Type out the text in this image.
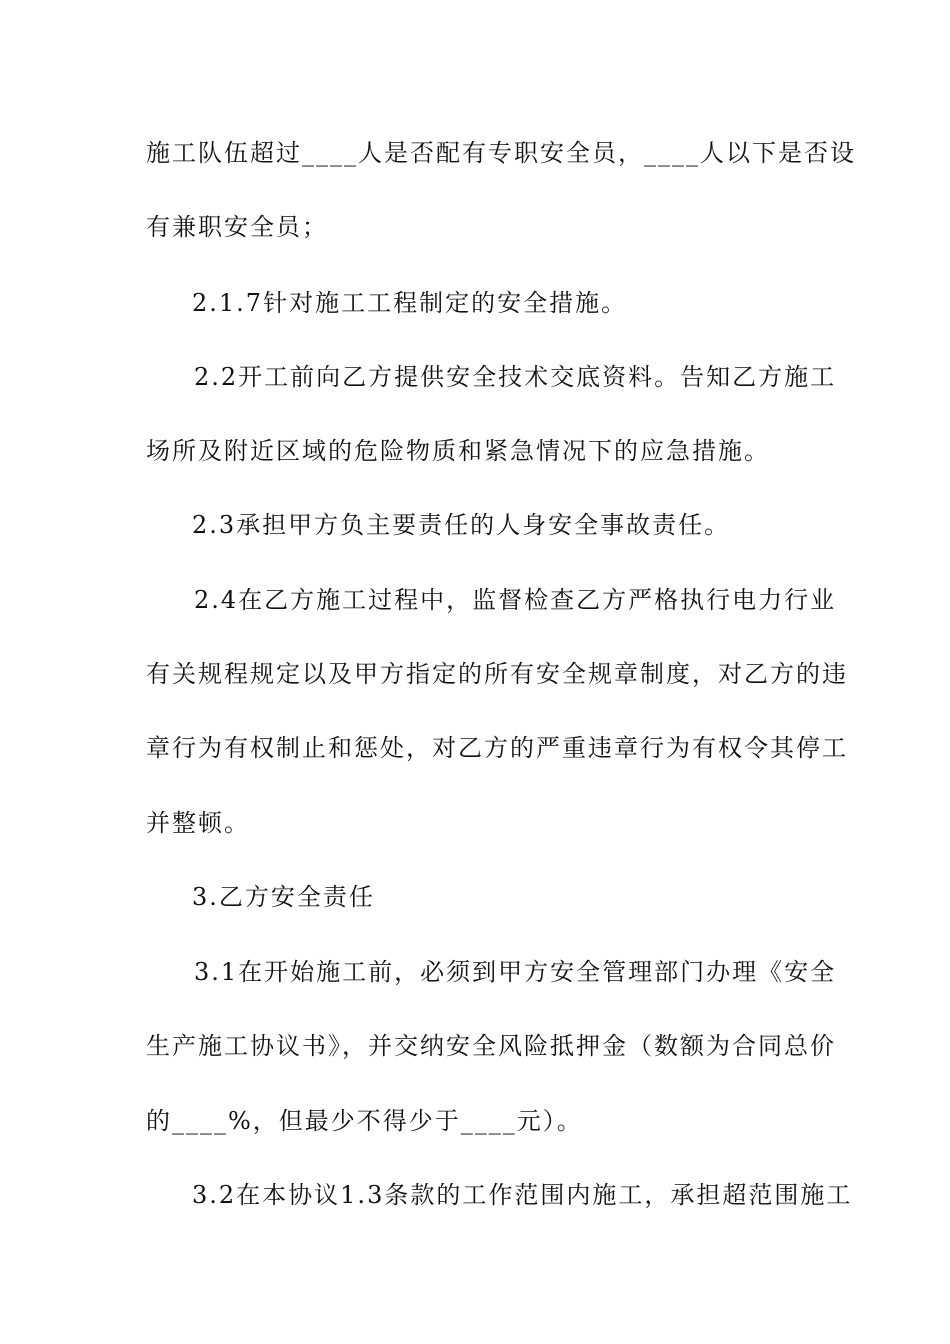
施工队伍超过____人是否配有专职安全员，____人以下是否设
有兼职安全员；
2.1.7针对施工工程制定的安全措施。
2.2开工前向乙方提供安全技术交底资料。告知乙方施工
场所及附近区域的危险物质和紧急情况下的应急措施。
2.3承担甲方负主要责任的人身安全事故责任。
2.4在乙方施工过程中，监督检查乙方严格执行电力行业
有关规程规定以及甲方指定的所有安全规章制度，对乙方的违
章行为有权制止和惩处，对乙方的严重违章行为有权令其停工
并整顿。
3.乙方安全责任
3.1在开始施工前，必须到甲方安全管理部门办理《安全
生产施工协议书》，并交纳安全风险抵押金（数额为合同总价
的____%，但最少不得少于____元）。
3.2在本协议1.3条款的工作范围内施工，承担超范围施工
